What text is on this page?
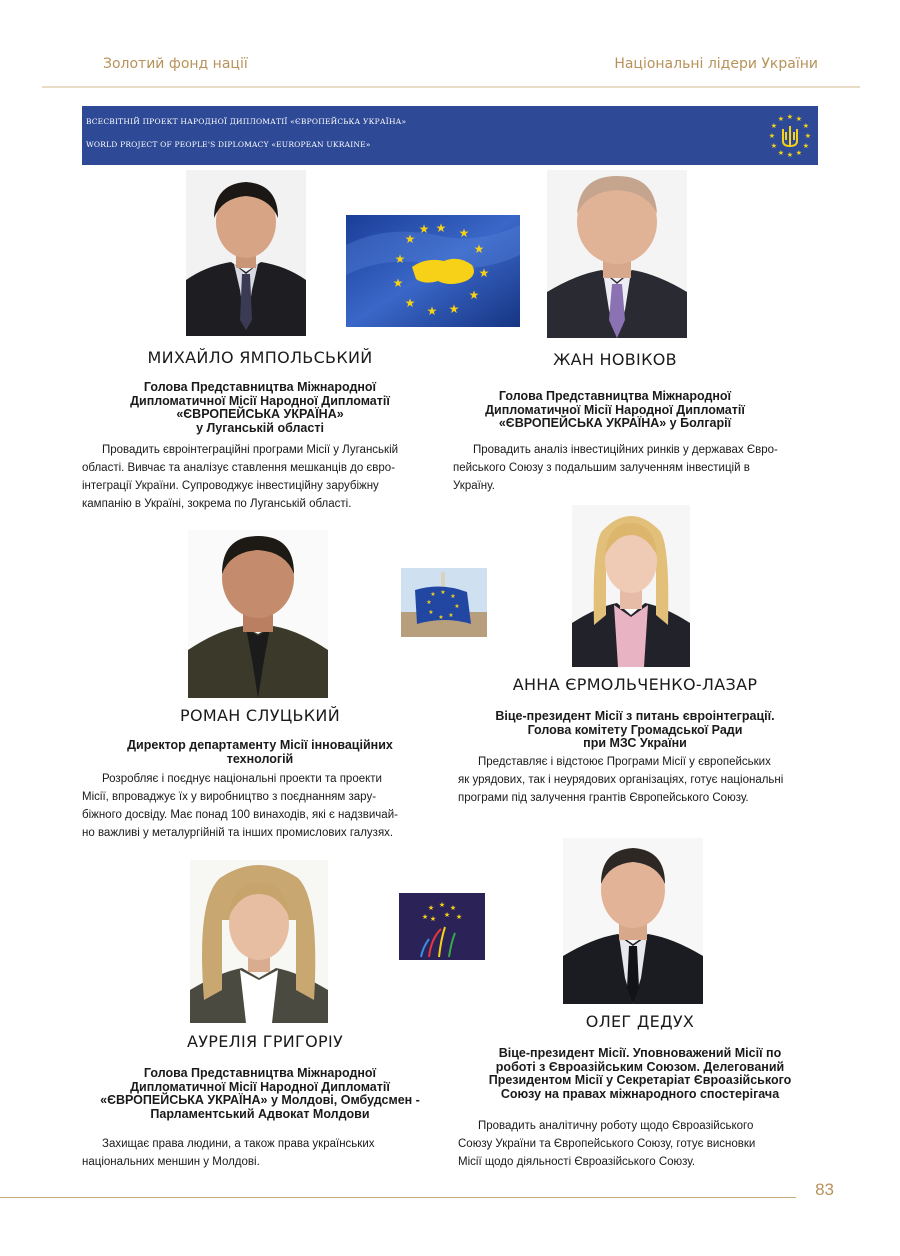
Золотий фонд нації	Національні лідери України
ВСЕСВІТНІЙ ПРОЕКТ НАРОДНОЇ ДИПЛОМАТІЇ «ЄВРОПЕЙСЬКА УКРАЇНА»
WORLD PROJECT OF PEOPLE'S DIPLOMACY «EUROPEAN UKRAINE»
★ ★
★
★
★
★
★
★
★
★
★
★
★ ★
★
★
★
★
★
★
★
★
★
★
МИХАЙЛО ЯМПОЛЬСЬКИЙ
Голова Представництва Міжнародної
Дипломатичної Місії Народної Дипломатії
«ЄВРОПЕЙСЬКА УКРАЇНА»
у Луганській області
Провадить євроінтеграційні програми Місії у Луганській
області. Вивчає та аналізує ставлення мешканців до євро-
інтеграції України. Супроводжує інвестиційну зарубіжну
кампанію в Україні, зокрема по Луганській області.
ЖАН НОВІКОВ
Голова Представництва Міжнародної
Дипломатичної Місії Народної Дипломатії
«ЄВРОПЕЙСЬКА УКРАЇНА» у Болгарії
Провадить аналіз інвестиційних ринків у державах Євро-
пейського Союзу з подальшим залученням інвестицій в
Україну.
★
★
★
★
★
★
★
★
РОМАН СЛУЦЬКИЙ
Директор департаменту Місії інноваційних
технологій
Розробляє і поєднує національні проекти та проекти
Місії, впроваджує їх у виробництво з поєднанням зару-
біжного досвіду. Має понад 100 винаходів, які є надзвичай-
но важливі у металургійній та інших промислових галузях.
АННА ЄРМОЛЬЧЕНКО-ЛАЗАР
Віце-президент Місії з питань євроінтеграції.
Голова комітету Громадської Ради
при МЗС України
Представляє і відстоює Програми Місії у європейських
як урядових, так і неурядових організаціях, готує національні
програми під залучення грантів Європейського Союзу.
★ ★
★
★
★ ★ ★
АУРЕЛІЯ ГРИГОРІУ
Голова Представництва Міжнародної
Дипломатичної Місії Народної Дипломатії
«ЄВРОПЕЙСЬКА УКРАЇНА» у Молдові, Омбудсмен -
Парламентський Адвокат Молдови
Захищає права людини, а також права українських
національних меншин у Молдові.
ОЛЕГ ДЕДУХ
Віце-президент Місії. Уповноважений Місії по
роботі з Євроазійським Союзом. Делегований
Президентом Місії у Секретаріат Євроазійського
Союзу на правах міжнародного спостерігача
Провадить аналітичну роботу щодо Євроазійського
Союзу України та Європейського Союзу, готує висновки
Місії щодо діяльності Євроазійського Союзу.
83
